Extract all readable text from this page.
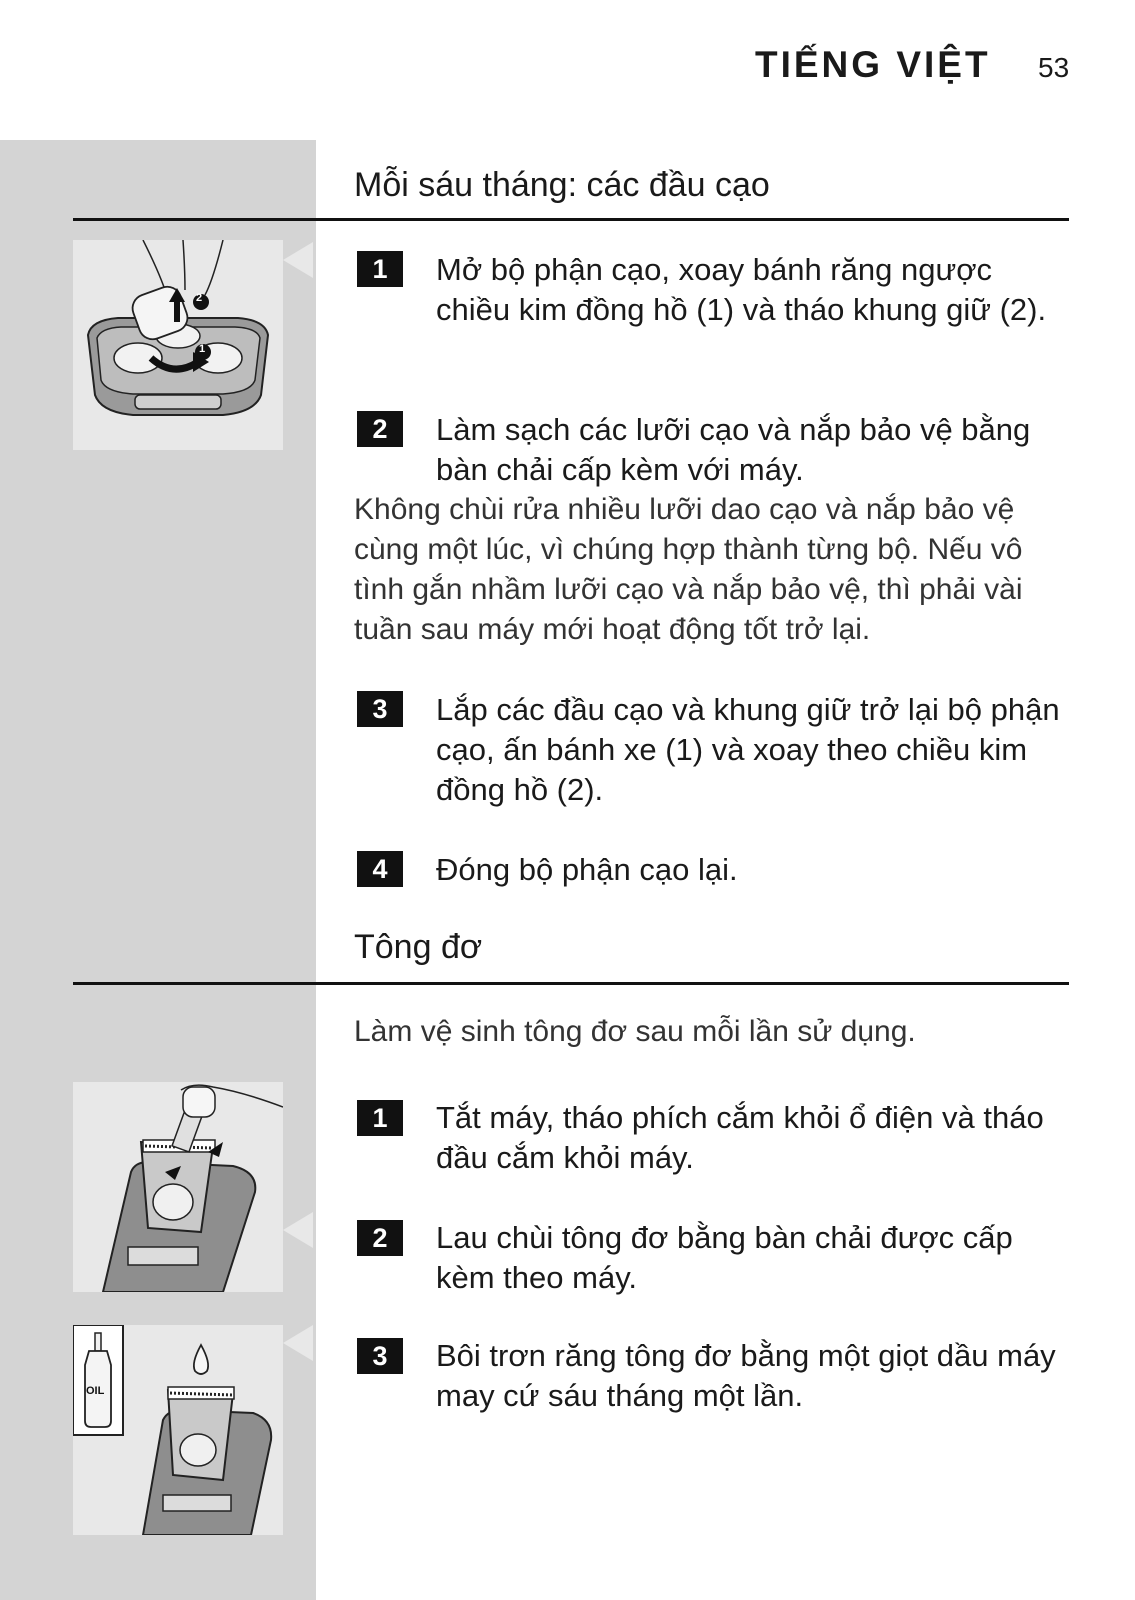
TIẾNG VIỆT	53
Mỗi sáu tháng: các đầu cạo
2
1
1	Mở bộ phận cạo, xoay bánh răng ngược chiều kim đồng hồ (1) và tháo khung giữ (2).
2	Làm sạch các lưỡi cạo và nắp bảo vệ bằng bàn chải cấp kèm với máy.
Không chùi rửa nhiều lưỡi dao cạo và nắp bảo vệ cùng một lúc, vì chúng hợp thành từng bộ. Nếu vô tình gắn nhầm lưỡi cạo và nắp bảo vệ, thì phải vài tuần sau máy mới hoạt động tốt trở lại.
3	Lắp các đầu cạo và khung giữ trở lại bộ phận cạo, ấn bánh xe (1) và xoay theo chiều kim đồng hồ (2).
4	Đóng bộ phận cạo lại.
Tông đơ
Làm vệ sinh tông đơ sau mỗi lần sử dụng.
1	Tắt máy, tháo phích cắm khỏi ổ điện và tháo đầu cắm khỏi máy.
2	Lau chùi tông đơ bằng bàn chải được cấp kèm theo máy.
OIL
3	Bôi trơn răng tông đơ bằng một giọt dầu máy may cứ sáu tháng một lần.
